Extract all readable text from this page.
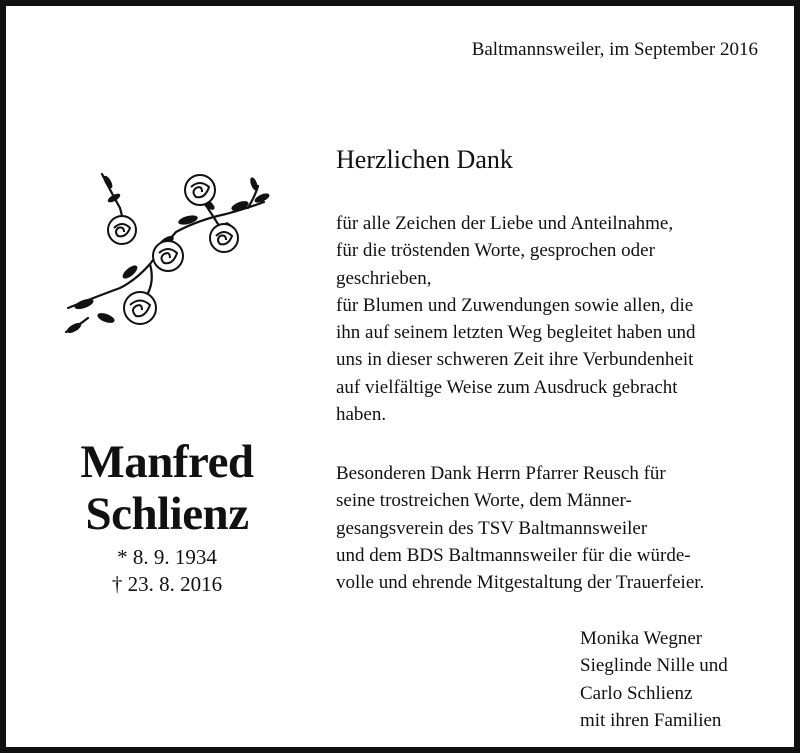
Baltmannsweiler, im September 2016
Manfred
Schlienz
* 8. 9. 1934
† 23. 8. 2016
Herzlichen Dank
für alle Zeichen der Liebe und Anteilnahme,
für die tröstenden Worte, gesprochen oder
geschrieben,
für Blumen und Zuwendungen sowie allen, die
ihn auf seinem letzten Weg begleitet haben und
uns in dieser schweren Zeit ihre Verbundenheit
auf vielfältige Weise zum Ausdruck gebracht
haben.
Besonderen Dank Herrn Pfarrer Reusch für
seine trostreichen Worte, dem Männer-
gesangsverein des TSV Baltmannsweiler
und dem BDS Baltmannsweiler für die würde-
volle und ehrende Mitgestaltung der Trauerfeier.
Monika Wegner
Sieglinde Nille und
Carlo Schlienz
mit ihren Familien
